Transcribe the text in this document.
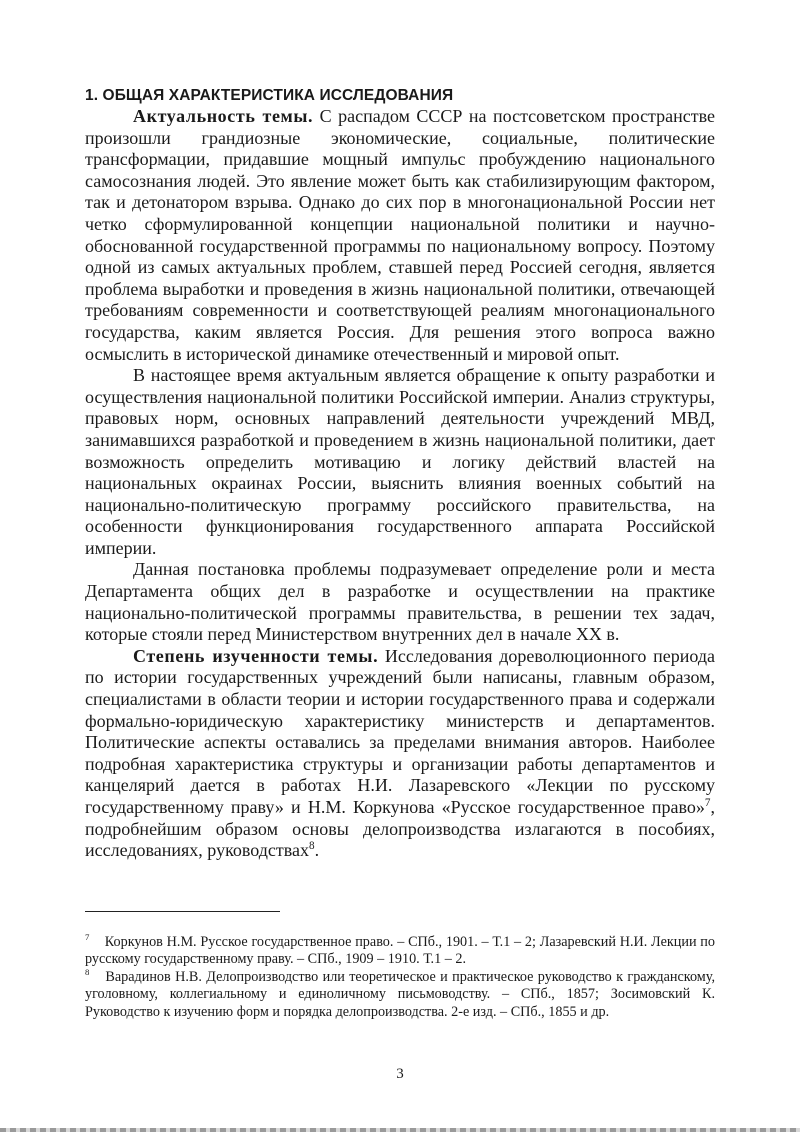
1. ОБЩАЯ ХАРАКТЕРИСТИКА ИССЛЕДОВАНИЯ

Актуальность темы. С распадом СССР на постсоветском пространстве произошли грандиозные экономические, социальные, политические трансформации, придавшие мощный импульс пробуждению национального самосознания людей. Это явление может быть как стабилизирующим фактором, так и детонатором взрыва. Однако до сих пор в многонациональной России нет четко сформулированной концепции национальной политики и научно-обоснованной государственной программы по национальному вопросу. Поэтому одной из самых актуальных проблем, ставшей перед Россией сегодня, является проблема выработки и проведения в жизнь национальной политики, отвечающей требованиям современности и соответствующей реалиям многонационального государства, каким является Россия. Для решения этого вопроса важно осмыслить в исторической динамике отечественный и мировой опыт.

В настоящее время актуальным является обращение к опыту разработки и осуществления национальной политики Российской империи. Анализ структуры, правовых норм, основных направлений деятельности учреждений МВД, занимавшихся разработкой и проведением в жизнь национальной политики, дает возможность определить мотивацию и логику действий властей на национальных окраинах России, выяснить влияния военных событий на национально-политическую программу российского правительства, на особенности функционирования государственного аппарата Российской империи.

Данная постановка проблемы подразумевает определение роли и места Департамента общих дел в разработке и осуществлении на практике национально-политической программы правительства, в решении тех задач, которые стояли перед Министерством внутренних дел в начале XX в.

Степень изученности темы. Исследования дореволюционного периода по истории государственных учреждений были написаны, главным образом, специалистами в области теории и истории государственного права и содержали формально-юридическую характеристику министерств и департаментов. Политические аспекты оставались за пределами внимания авторов. Наиболее подробная характеристика структуры и организации работы департаментов и канцелярий дается в работах Н.И. Лазаревского «Лекции по русскому государственному праву» и Н.М. Коркунова «Русское государственное право»$^7$, подробнейшим образом основы делопроизводства излагаются в пособиях, исследованиях, руководствах$^8$.

$^7$ Коркунов Н.М. Русское государственное право. – СПб., 1901. – Т.1 – 2; Лазаревский Н.И. Лекции по русскому государственному праву. – СПб., 1909 – 1910. Т.1 – 2.

$^8$ Варадинов Н.В. Делопроизводство или теоретическое и практическое руководство к гражданскому, уголовному, коллегиальному и единоличному письмоводству. – СПб., 1857; Зосимовский К. Руководство к изучению форм и порядка делопроизводства. 2-е изд. – СПб., 1855 и др.

3
